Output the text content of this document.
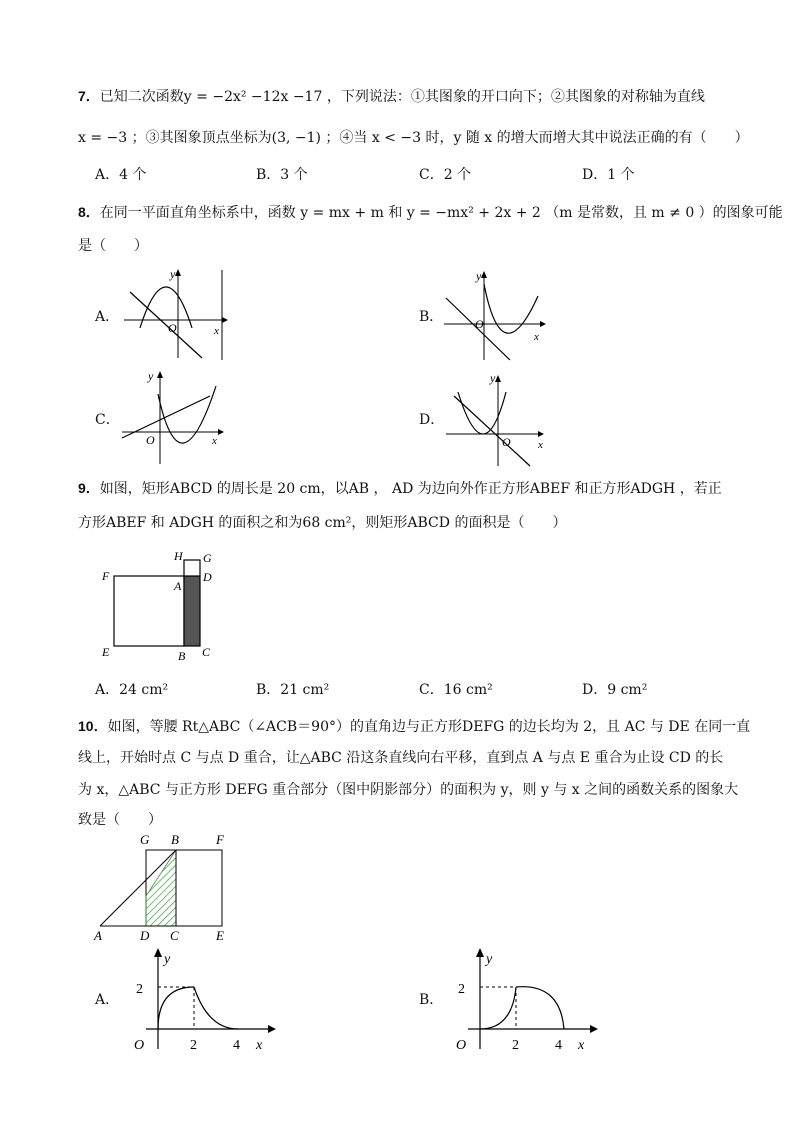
7．已知二次函数y = −2x² −12x −17 ，下列说法：①其图象的开口向下；②其图象的对称轴为直线
x = −3 ；③其图象顶点坐标为(3, −1) ；④当 x < −3 时，y 随 x 的增大而增大其中说法正确的有（　　）
A．4 个	B．3 个	C．2 个	D．1 个
8．在同一平面直角坐标系中，函数 y = mx + m 和 y = −mx² + 2x + 2 （m 是常数，且 m ≠ 0 ）的图象可能
是（　　）
A．	B．
C．	D．
y
O	x
y
O
x
y
O	x
y
O x
9．如图，矩形ABCD 的周长是 20 cm，以AB ， AD 为边向外作正方形ABEF 和正方形ADGH ，若正
方形ABEF 和 ADGH 的面积之和为68 cm²，则矩形ABCD 的面积是（　　）
H G
F
A
D
E	B C
A．24 cm²	B．21 cm²	C．16 cm²	D．9 cm²
10．如图，等腰 Rt△ABC（∠ACB＝90°）的直角边与正方形DEFG 的边长均为 2，且 AC 与 DE 在同一直
线上，开始时点 C 与点 D 重合，让△ABC 沿这条直线向右平移，直到点 A 与点 E 重合为止设 CD 的长
为 x，△ABC 与正方形 DEFG 重合部分（图中阴影部分）的面积为 y，则 y 与 x 之间的函数关系的图象大
致是（　　）
G B	F
A	D C	E
A．	B．
y
2
O	2	4 x
y
2
O	2	4 x
